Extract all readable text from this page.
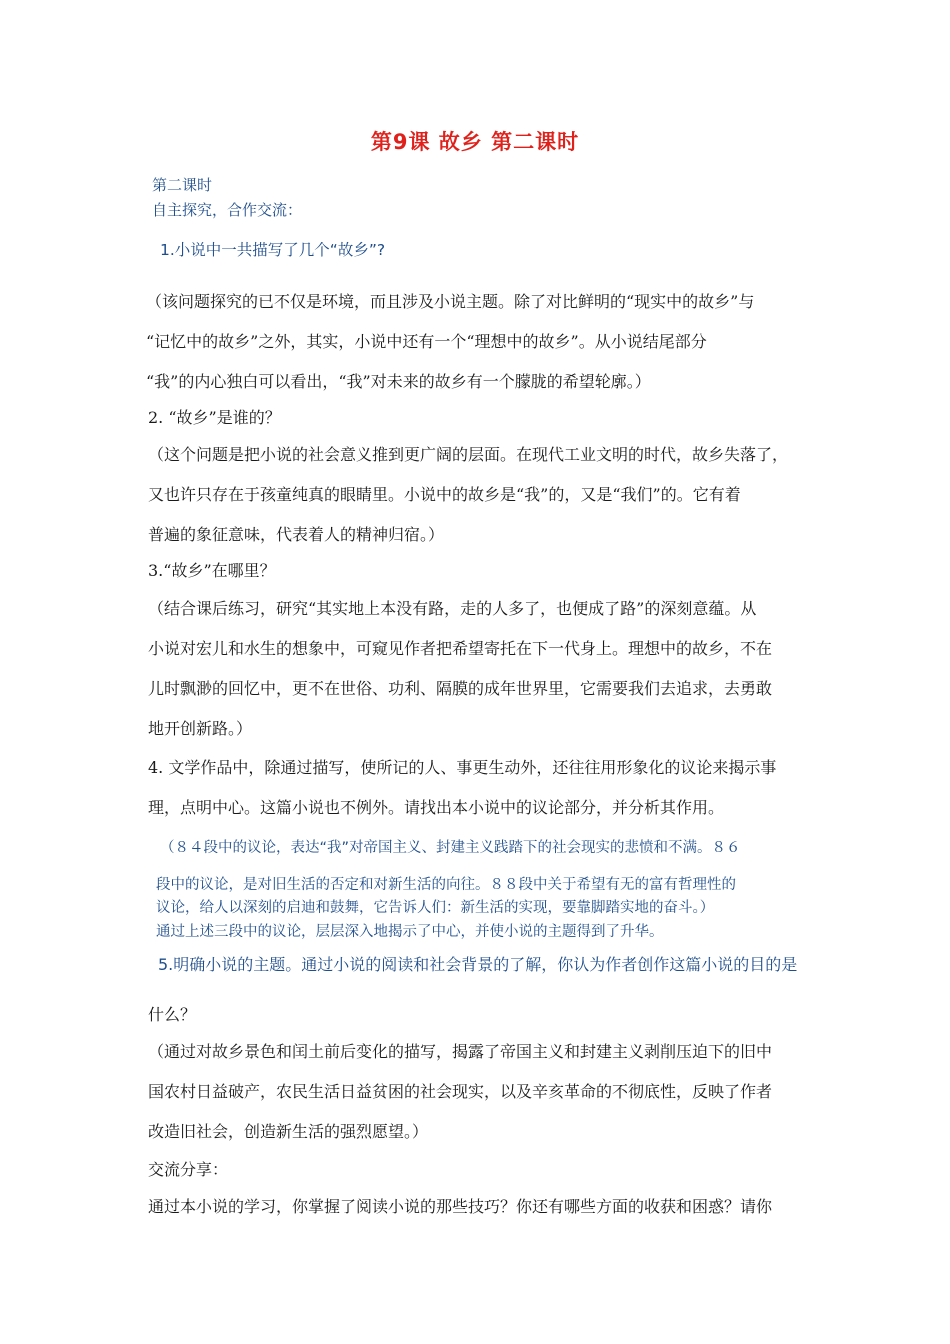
第9课 故乡 第二课时
第二课时
自主探究，合作交流：
1.小说中一共描写了几个“故乡”?
（该问题探究的已不仅是环境，而且涉及小说主题。除了对比鲜明的“现实中的故乡”与
“记忆中的故乡”之外，其实，小说中还有一个“理想中的故乡”。从小说结尾部分
“我”的内心独白可以看出，“我”对未来的故乡有一个朦胧的希望轮廓。）
2. “故乡”是谁的？
（这个问题是把小说的社会意义推到更广阔的层面。在现代工业文明的时代，故乡失落了，
又也许只存在于孩童纯真的眼睛里。小说中的故乡是“我”的，又是“我们”的。它有着
普遍的象征意味，代表着人的精神归宿。）
3.“故乡”在哪里？
（结合课后练习，研究“其实地上本没有路，走的人多了，也便成了路”的深刻意蕴。从
小说对宏儿和水生的想象中，可窥见作者把希望寄托在下一代身上。理想中的故乡，不在
儿时飘渺的回忆中，更不在世俗、功利、隔膜的成年世界里，它需要我们去追求，去勇敢
地开创新路。）
4. 文学作品中，除通过描写，使所记的人、事更生动外，还往往用形象化的议论来揭示事
理，点明中心。这篇小说也不例外。请找出本小说中的议论部分，并分析其作用。
（８４段中的议论，表达“我”对帝国主义、封建主义践踏下的社会现实的悲愤和不满。８６
段中的议论，是对旧生活的否定和对新生活的向往。８８段中关于希望有无的富有哲理性的
议论，给人以深刻的启迪和鼓舞，它告诉人们：新生活的实现，要靠脚踏实地的奋斗。）
通过上述三段中的议论，层层深入地揭示了中心，并使小说的主题得到了升华。
5.明确小说的主题。通过小说的阅读和社会背景的了解，你认为作者创作这篇小说的目的是
什么？
（通过对故乡景色和闰土前后变化的描写，揭露了帝国主义和封建主义剥削压迫下的旧中
国农村日益破产，农民生活日益贫困的社会现实，以及辛亥革命的不彻底性，反映了作者
改造旧社会，创造新生活的强烈愿望。）
交流分享：
通过本小说的学习，你掌握了阅读小说的那些技巧？你还有哪些方面的收获和困惑？请你
